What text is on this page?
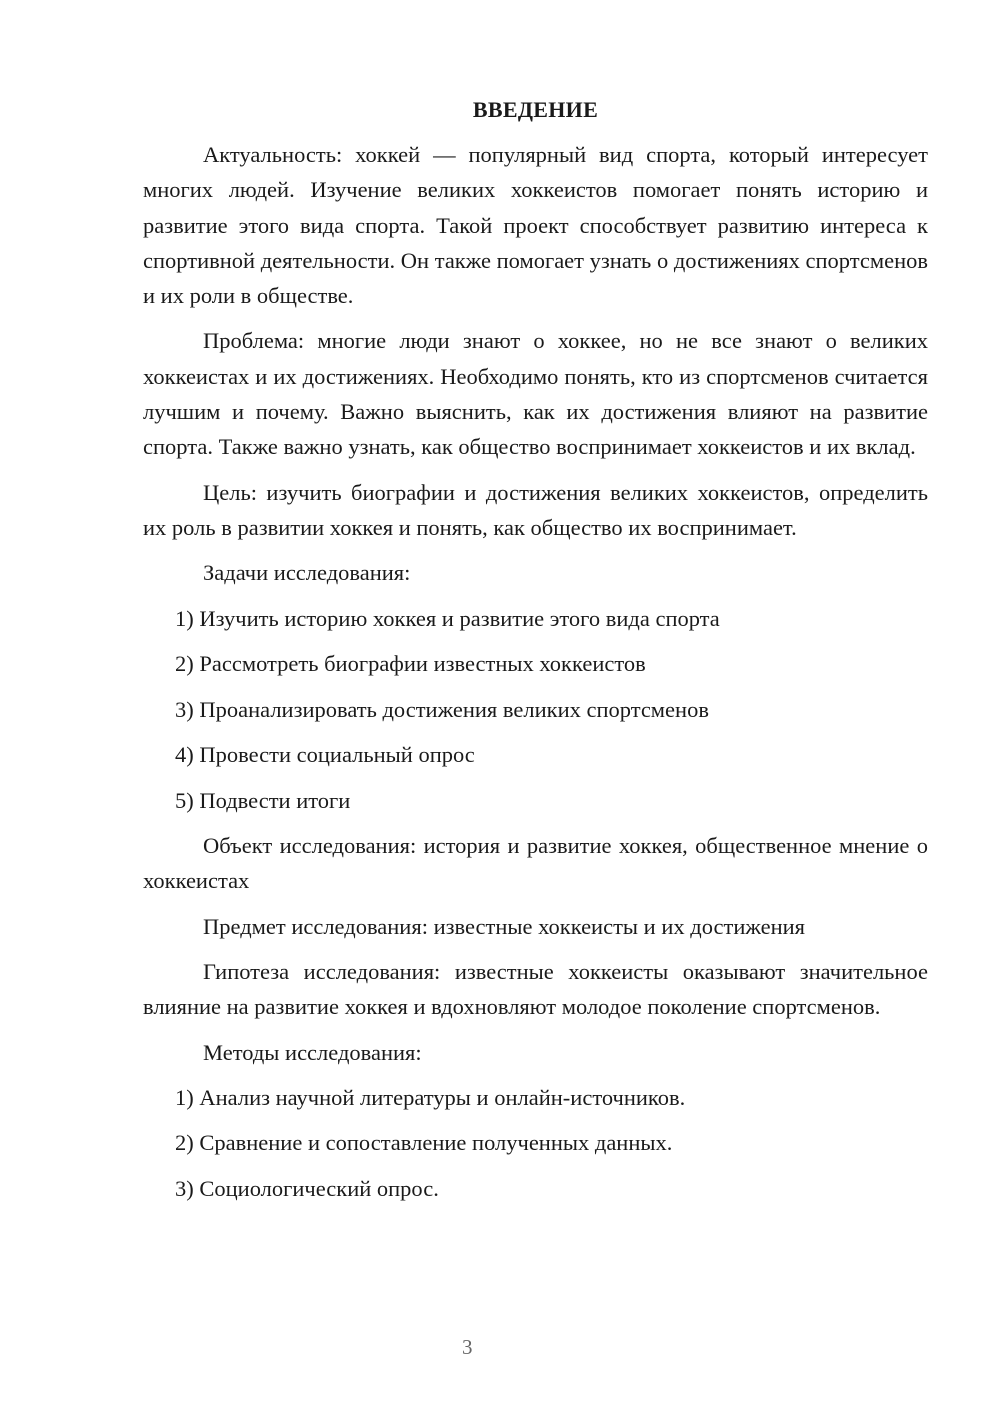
ВВЕДЕНИЕ

Актуальность: хоккей — популярный вид спорта, который интересует многих людей. Изучение великих хоккеистов помогает понять историю и развитие этого вида спорта. Такой проект способствует развитию интереса к спортивной деятельности. Он также помогает узнать о достижениях спортсменов и их роли в обществе.

Проблема: многие люди знают о хоккее, но не все знают о великих хоккеистах и их достижениях. Необходимо понять, кто из спортсменов считается лучшим и почему. Важно выяснить, как их достижения влияют на развитие спорта. Также важно узнать, как общество воспринимает хоккеистов и их вклад.

Цель: изучить биографии и достижения великих хоккеистов, определить их роль в развитии хоккея и понять, как общество их воспринимает.

Задачи исследования:

1) Изучить историю хоккея и развитие этого вида спорта

2) Рассмотреть биографии известных хоккеистов

3) Проанализировать достижения великих спортсменов

4) Провести социальный опрос

5) Подвести итоги

Объект исследования: история и развитие хоккея, общественное мнение о хоккеистах

Предмет исследования: известные хоккеисты и их достижения

Гипотеза исследования: известные хоккеисты оказывают значительное влияние на развитие хоккея и вдохновляют молодое поколение спортсменов.

Методы исследования:

1) Анализ научной литературы и онлайн-источников.

2) Сравнение и сопоставление полученных данных.

3) Социологический опрос.

3
